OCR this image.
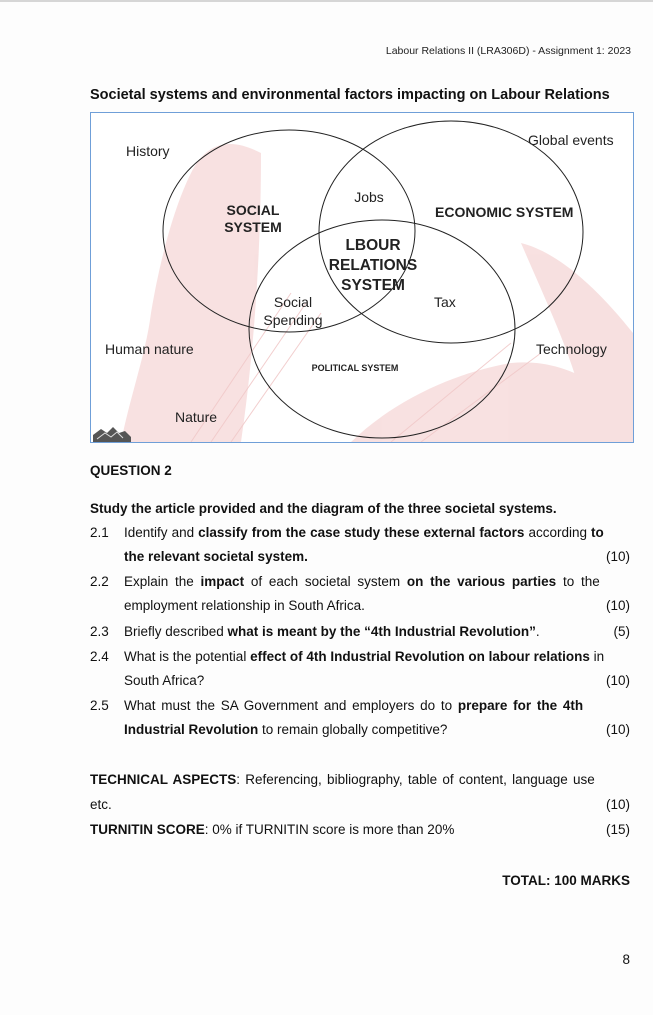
Labour Relations II (LRA306D) - Assignment 1: 2023
Societal systems and environmental factors impacting on Labour Relations
History
Global events
SOCIAL
SYSTEM
Jobs
ECONOMIC SYSTEM
LBOUR
RELATIONS
SYSTEM
Social
Spending
Tax
Human nature	Technology
POLITICAL SYSTEM
Nature
QUESTION 2
Study the article provided and the diagram of the three societal systems.
2.1 Identify and classify from the case study these external factors according to
the relevant societal system.	(10)
2.2 Explain the impact of each societal system on the various parties to the
employment relationship in South Africa.	(10)
2.3 Briefly described what is meant by the “4th Industrial Revolution”.	(5)
2.4 What is the potential effect of 4th Industrial Revolution on labour relations in
South Africa?	(10)
2.5 What must the SA Government and employers do to prepare for the 4th
Industrial Revolution to remain globally competitive?	(10)
TECHNICAL ASPECTS: Referencing, bibliography, table of content, language use
etc.	(10)
TURNITIN SCORE: 0% if TURNITIN score is more than 20%	(15)
TOTAL: 100 MARKS
8
